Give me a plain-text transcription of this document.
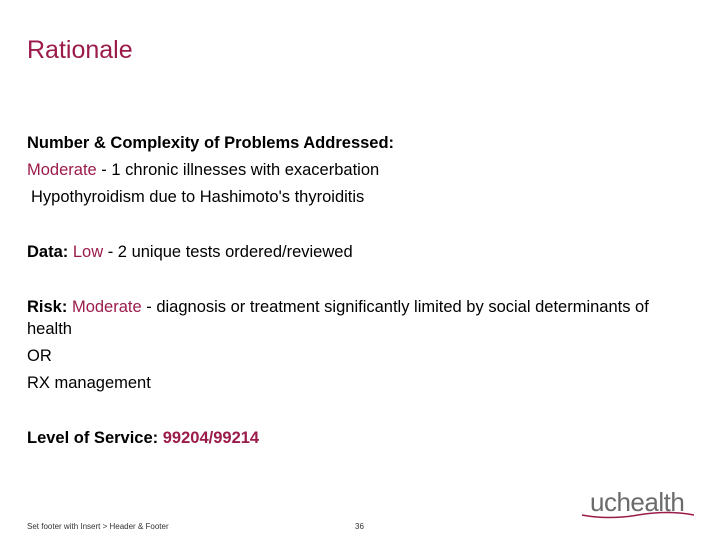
Rationale
Number & Complexity of Problems Addressed:
Moderate - 1 chronic illnesses with exacerbation
Hypothyroidism due to Hashimoto's thyroiditis
Data: Low - 2 unique tests ordered/reviewed
Risk: Moderate - diagnosis or treatment significantly limited by social determinants of health
OR
RX management
Level of Service: 99204/99214
Set footer with Insert > Header & Footer	36
uchealth
